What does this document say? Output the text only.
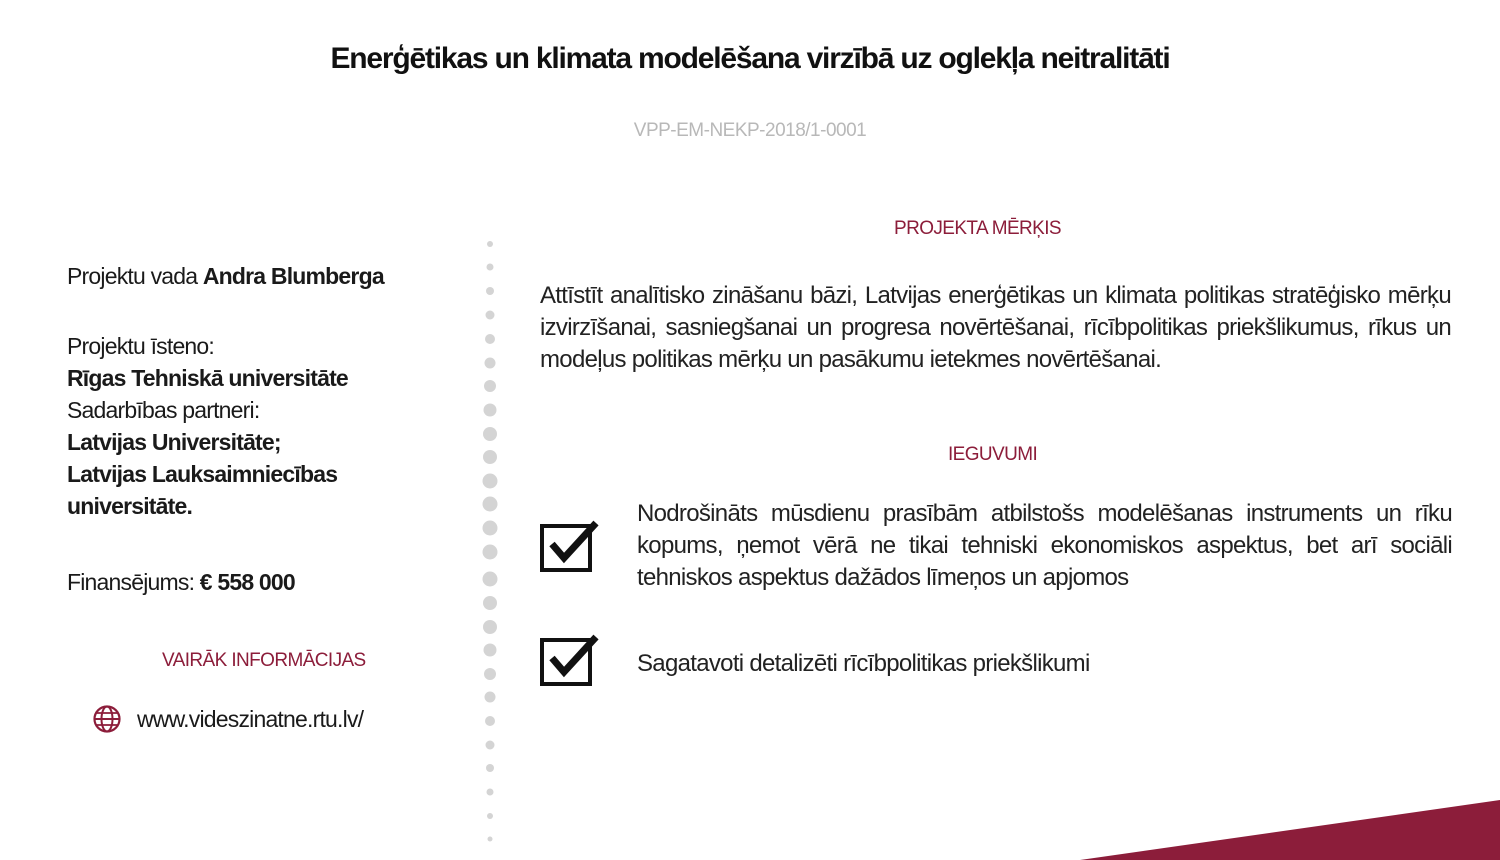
Enerģētikas un klimata modelēšana virzībā uz oglekļa neitralitāti
VPP-EM-NEKP-2018/1-0001
Projektu vada Andra Blumberga
Projektu īsteno:
Rīgas Tehniskā universitāte
Sadarbības partneri:
Latvijas Universitāte;
Latvijas Lauksaimniecības
universitāte.
Finansējums: € 558 000
VAIRĀK INFORMĀCIJAS
www.videszinatne.rtu.lv/
PROJEKTA MĒRĶIS
Attīstīt analītisko zināšanu bāzi, Latvijas enerģētikas un klimata politikas stratēģisko mērķu izvirzīšanai, sasniegšanai un progresa novērtēšanai, rīcībpolitikas priekšlikumus, rīkus un modeļus politikas mērķu un pasākumu ietekmes novērtēšanai.
IEGUVUMI
Nodrošināts mūsdienu prasībām atbilstošs modelēšanas instruments un rīku kopums, ņemot vērā ne tikai tehniski ekonomiskos aspektus, bet arī sociāli tehniskos aspektus dažādos līmeņos un apjomos
Sagatavoti detalizēti rīcībpolitikas priekšlikumi
